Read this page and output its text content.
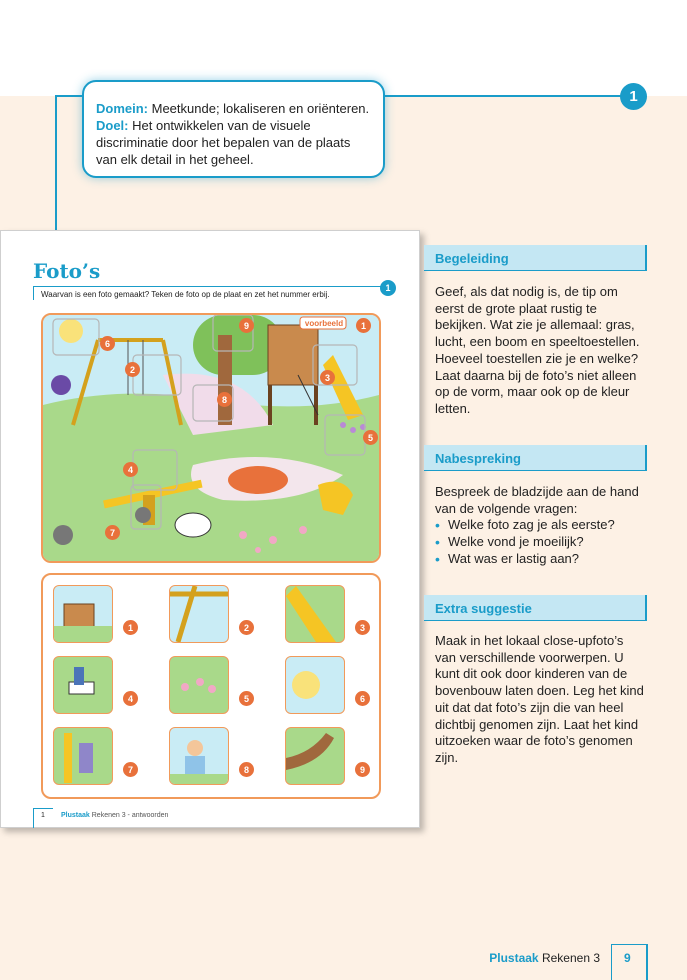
1
Domein: Meetkunde; lokaliseren en oriënteren.
Doel: Het ontwikkelen van de visuele discriminatie door het bepalen van de plaats van elk detail in het geheel.
Foto’s
Waarvan is een foto gemaakt? Teken de foto op de plaat en zet het nummer erbij.
1
voorbeeld	1
2
3
4
5
6
7
8
9
1	2	3
4	5	6
7	8	9
1 Plustaak Rekenen 3 - antwoorden
Begeleiding
Geef, als dat nodig is, de tip om eerst de grote plaat rustig te bekijken. Wat zie je allemaal: gras, lucht, een boom en speeltoestellen. Hoeveel toestellen zie je en welke? Laat daarna bij de foto’s niet alleen op de vorm, maar ook op de kleur letten.
Nabespreking
Bespreek de bladzijde aan de hand van de volgende vragen:
• Welke foto zag je als eerste?
• Welke vond je moeilijk?
• Wat was er lastig aan?
Extra suggestie
Maak in het lokaal close-upfoto’s van verschillende voorwerpen. U kunt dit ook door kinderen van de bovenbouw laten doen. Leg het kind uit dat dat foto’s zijn die van heel dichtbij genomen zijn. Laat het kind uitzoeken waar de foto’s genomen zijn.
Plustaak Rekenen 3 9
